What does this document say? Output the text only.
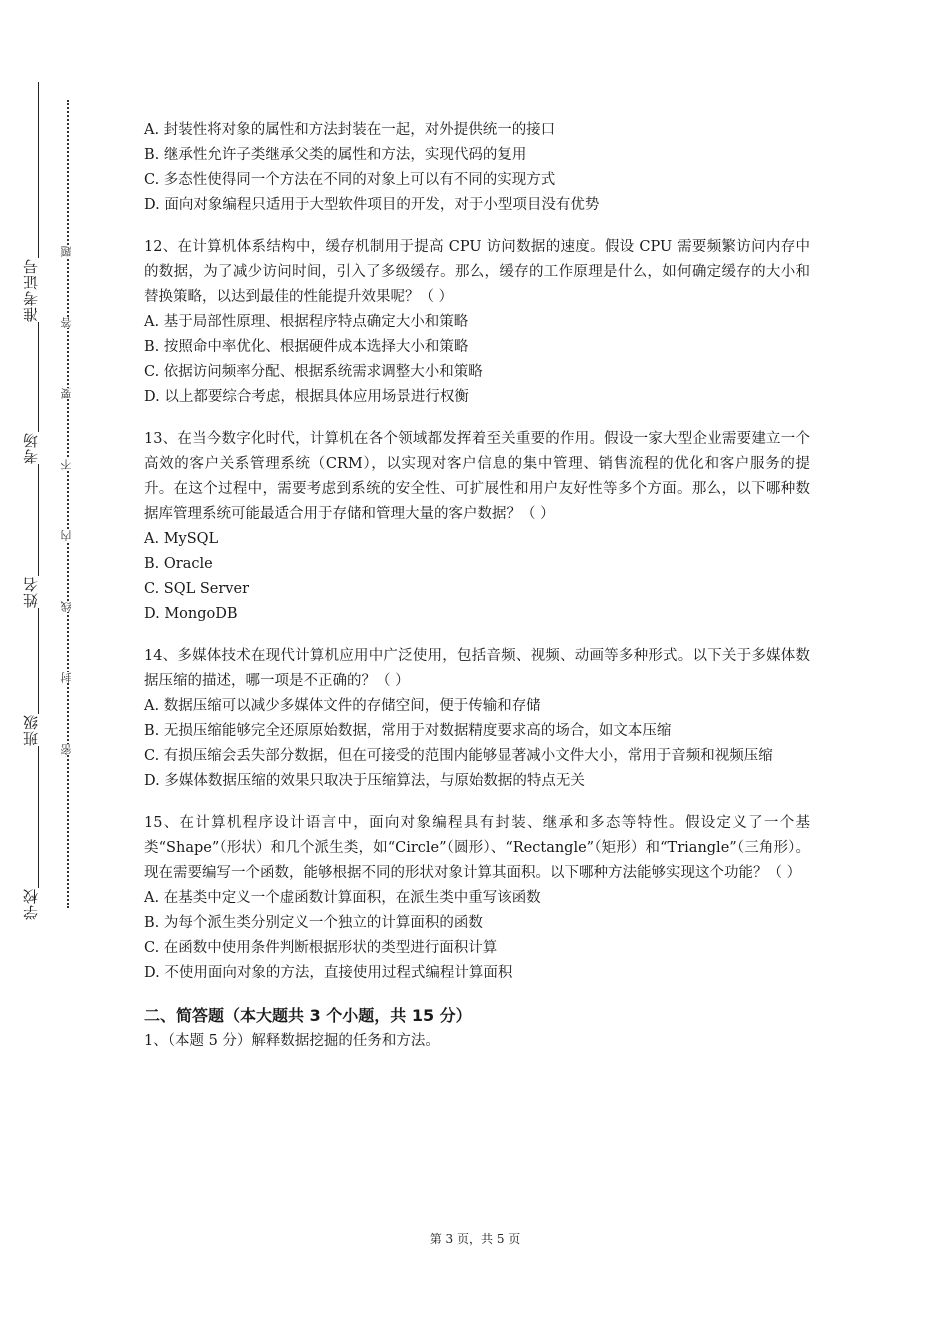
学校
班级
姓名
考场
准考证号
密
封
线
内
不
要
答
题
A. 封装性将对象的属性和方法封装在一起，对外提供统一的接口
B. 继承性允许子类继承父类的属性和方法，实现代码的复用
C. 多态性使得同一个方法在不同的对象上可以有不同的实现方式
D. 面向对象编程只适用于大型软件项目的开发，对于小型项目没有优势
12、在计算机体系结构中，缓存机制用于提高 CPU 访问数据的速度。假设 CPU 需要频繁访问内存中的数据，为了减少访问时间，引入了多级缓存。那么，缓存的工作原理是什么，如何确定缓存的大小和替换策略，以达到最佳的性能提升效果呢？（ ）
A. 基于局部性原理、根据程序特点确定大小和策略
B. 按照命中率优化、根据硬件成本选择大小和策略
C. 依据访问频率分配、根据系统需求调整大小和策略
D. 以上都要综合考虑，根据具体应用场景进行权衡
13、在当今数字化时代，计算机在各个领域都发挥着至关重要的作用。假设一家大型企业需要建立一个高效的客户关系管理系统（CRM），以实现对客户信息的集中管理、销售流程的优化和客户服务的提升。在这个过程中，需要考虑到系统的安全性、可扩展性和用户友好性等多个方面。那么，以下哪种数据库管理系统可能最适合用于存储和管理大量的客户数据？（ ）
A. MySQL
B. Oracle
C. SQL Server
D. MongoDB
14、多媒体技术在现代计算机应用中广泛使用，包括音频、视频、动画等多种形式。以下关于多媒体数据压缩的描述，哪一项是不正确的？（ ）
A. 数据压缩可以减少多媒体文件的存储空间，便于传输和存储
B. 无损压缩能够完全还原原始数据，常用于对数据精度要求高的场合，如文本压缩
C. 有损压缩会丢失部分数据，但在可接受的范围内能够显著减小文件大小，常用于音频和视频压缩
D. 多媒体数据压缩的效果只取决于压缩算法，与原始数据的特点无关
15、在计算机程序设计语言中，面向对象编程具有封装、继承和多态等特性。假设定义了一个基类“Shape”（形状）和几个派生类，如“Circle”（圆形）、“Rectangle”（矩形）和“Triangle”（三角形）。现在需要编写一个函数，能够根据不同的形状对象计算其面积。以下哪种方法能够实现这个功能？（ ）
A. 在基类中定义一个虚函数计算面积，在派生类中重写该函数
B. 为每个派生类分别定义一个独立的计算面积的函数
C. 在函数中使用条件判断根据形状的类型进行面积计算
D. 不使用面向对象的方法，直接使用过程式编程计算面积
二、简答题（本大题共 3 个小题，共 15 分）
1、（本题 5 分）解释数据挖掘的任务和方法。
第 3 页，共 5 页
